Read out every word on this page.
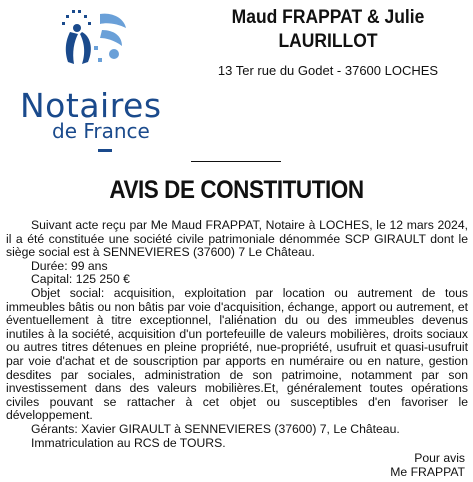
Notaires
de France
Maud FRAPPAT & Julie
LAURILLOT
13 Ter rue du Godet - 37600 LOCHES
AVIS DE CONSTITUTION

Suivant acte reçu par Me Maud FRAPPAT, Notaire à LOCHES, le 12 mars 2024, il a été constituée une société civile patrimoniale dénommée SCP GIRAULT dont le siège social est à SENNEVIERES (37600) 7 Le Château.

Durée: 99 ans

Capital: 125 250 €

Objet social: acquisition, exploitation par location ou autrement de tous immeubles bâtis ou non bâtis par voie d'acquisition, échange, apport ou autrement, et éventuellement à titre exceptionnel, l'aliénation du ou des immeubles devenus inutiles à la société, acquisition d'un portefeuille de valeurs mobilières, droits sociaux ou autres titres détenues en pleine propriété, nue-propriété, usufruit et quasi-usufruit par voie d'achat et de souscription par apports en numéraire ou en nature, gestion desdites par sociales, administration de son patrimoine, notamment par son investissement dans des valeurs mobilières.Et, généralement toutes opérations civiles pouvant se rattacher à cet objet ou susceptibles d'en favoriser le développement.

Gérants: Xavier GIRAULT à SENNEVIERES (37600) 7, Le Château.

Immatriculation au RCS de TOURS.

Pour avis
Me FRAPPAT
